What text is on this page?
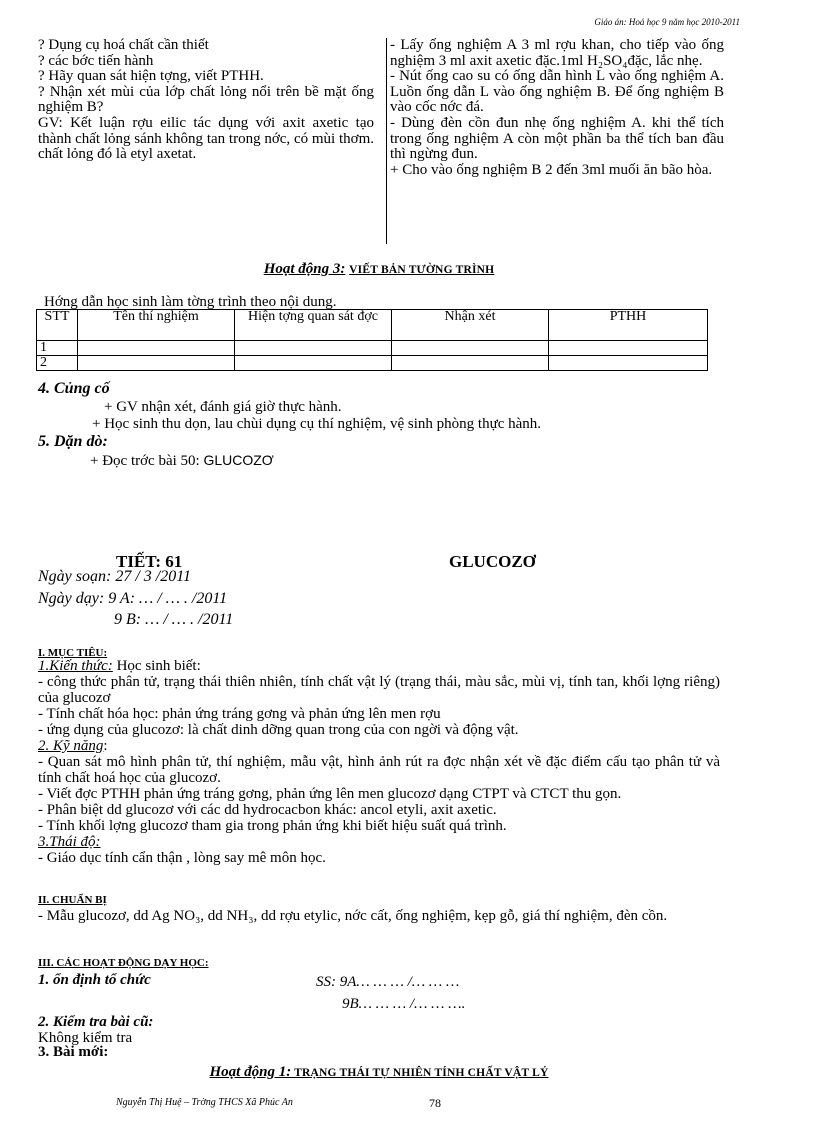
Giáo án: Hoá học 9 năm học 2010-2011

? Dụng cụ hoá chất cần thiết

? các bớc tiến hành

? Hãy quan sát hiện tợng, viết PTHH.

? Nhận xét mùi của lớp chất lỏng nổi trên bề mặt ống nghiệm B?

GV: Kết luận rợu eilic tác dụng với axit axetic tạo thành chất lỏng sánh không tan trong nớc, có mùi thơm. chất lỏng đó là etyl axetat.

- Lấy ống nghiệm A 3 ml rợu khan, cho tiếp vào ống nghiệm 3 ml axit axetic đặc.1ml H₂SO₄đặc, lắc nhẹ.

- Nút ống cao su có ống dẫn hình L vào ống nghiệm A. Luồn ống dẫn L vào ống nghiệm B. Để ống nghiệm B vào cốc nớc đá.

- Dùng đèn cồn đun nhẹ ống nghiệm A. khi thể tích trong ống nghiệm A còn một phần ba thể tích ban đầu thì ngừng đun.

+ Cho vào ống nghiệm B 2 đến 3ml muối ăn bão hòa.

Hoạt động 3: VIẾT BẢN TƯỜNG TRÌNH
Hớng dẫn học sinh làm tờng trình theo nội dung.
STT	Tên thí nghiệm	Hiện tợng quan sát đợc	Nhận xét	PTHH
1				
2				
4. Củng cố
+ GV nhận xét, đánh giá giờ thực hành.
+ Học sinh thu dọn, lau chùi dụng cụ thí nghiệm, vệ sinh phòng thực hành.
5. Dặn dò:
+ Đọc trớc bài 50: GLUCOZƠ
TIẾT: 61	GLUCOZƠ
Ngày soạn: 27 / 3 /2011
Ngày dạy: 9 A: … / … . /2011
9 B: … / … . /2011
I. MỤC TIÊU:

1.Kiến thức: Học sinh biết:

- công thức phân tử, trạng thái thiên nhiên, tính chất vật lý (trạng thái, màu sắc, mùi vị, tính tan, khối lợng riêng) của glucozơ

- Tính chất hóa học: phản ứng tráng gơng và phản ứng lên men rợu

- ứng dụng của glucozơ: là chất dinh dỡng quan trong của con ngời và động vật.

2. Kỹ năng:

- Quan sát mô hình phân tử, thí nghiệm, mẫu vật, hình ảnh rút ra đợc nhận xét về đặc điểm cấu tạo phân tử và tính chất hoá học của glucozơ.

- Viết đợc PTHH phản ứng tráng gơng, phản ứng lên men glucozơ dạng CTPT và CTCT thu gọn.

- Phân biệt dd glucozơ với các dd hydrocacbon khác: ancol etyli, axit axetic.

- Tính khối lợng glucozơ tham gia trong phản ứng khi biết hiệu suất quá trình.

3.Thái độ:

- Giáo dục tính cẩn thận , lòng say mê môn học.

II. CHUẨN BỊ
- Mẫu glucozơ, dd Ag NO₃, dd NH₃, dd rợu etylic, nớc cất, ống nghiệm, kẹp gỗ, giá thí nghiệm, đèn cồn.
III. CÁC HOẠT ĐỘNG DẠY HỌC:
1. ổn định tổ chức	SS: 9A… … … /… … …
9B… … … /… … ….
2. Kiểm tra bài cũ:
Không kiểm tra
3. Bài mới:
Hoạt động 1: TRẠNG THÁI TỰ NHIÊN TÍNH CHẤT VẬT LÝ
Nguyễn Thị Huệ – Trờng THCS Xã Phúc An	78
